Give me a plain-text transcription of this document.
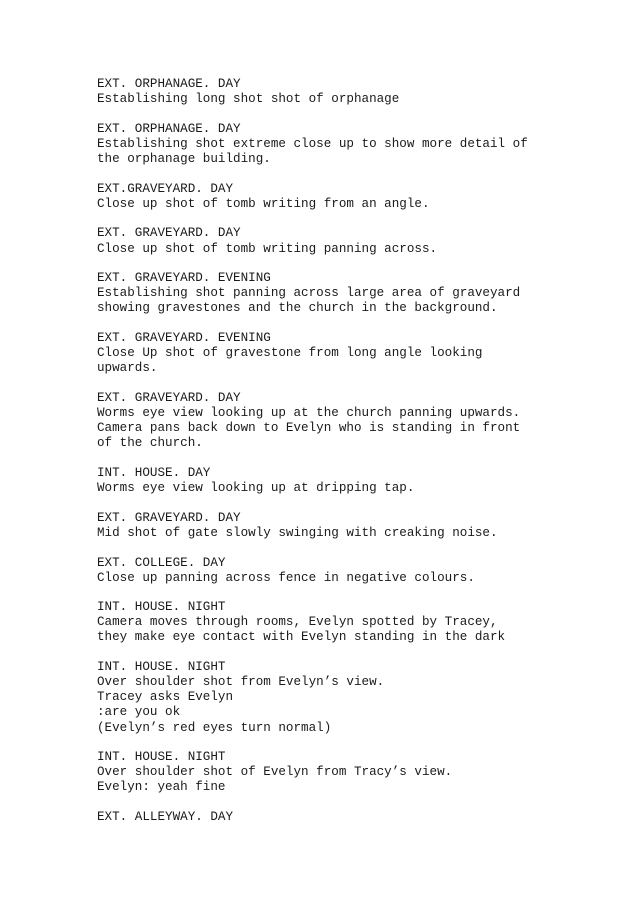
EXT. ORPHANAGE. DAY
Establishing long shot shot of orphanage
EXT. ORPHANAGE. DAY
Establishing shot extreme close up to show more detail of
the orphanage building.
EXT.GRAVEYARD. DAY
Close up shot of tomb writing from an angle.
EXT. GRAVEYARD. DAY
Close up shot of tomb writing panning across.
EXT. GRAVEYARD. EVENING
Establishing shot panning across large area of graveyard
showing gravestones and the church in the background.
EXT. GRAVEYARD. EVENING
Close Up shot of gravestone from long angle looking
upwards.
EXT. GRAVEYARD. DAY
Worms eye view looking up at the church panning upwards.
Camera pans back down to Evelyn who is standing in front
of the church.
INT. HOUSE. DAY
Worms eye view looking up at dripping tap.
EXT. GRAVEYARD. DAY
Mid shot of gate slowly swinging with creaking noise.
EXT. COLLEGE. DAY
Close up panning across fence in negative colours.
INT. HOUSE. NIGHT
Camera moves through rooms, Evelyn spotted by Tracey,
they make eye contact with Evelyn standing in the dark
INT. HOUSE. NIGHT
Over shoulder shot from Evelyn’s view.
Tracey asks Evelyn
:are you ok
(Evelyn’s red eyes turn normal)
INT. HOUSE. NIGHT
Over shoulder shot of Evelyn from Tracy’s view.
Evelyn: yeah fine
EXT. ALLEYWAY. DAY
